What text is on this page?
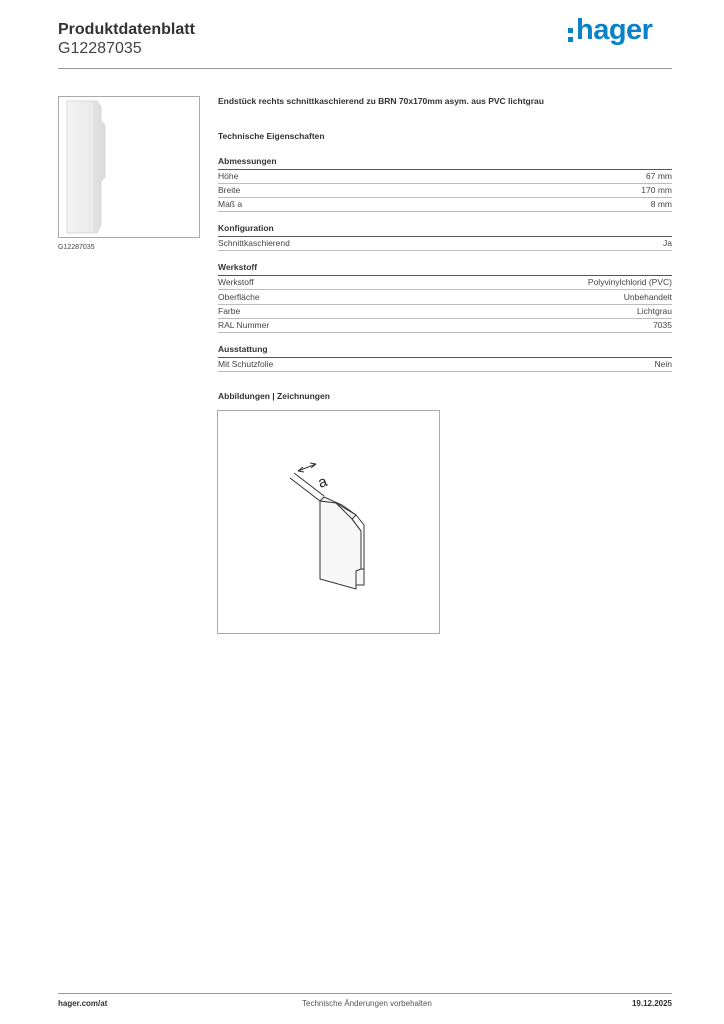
Produktdatenblatt
G12287035
hager
G12287035
Endstück rechts schnittkaschierend zu BRN 70x170mm asym. aus PVC lichtgrau
Technische Eigenschaften
Abmessungen
Höhe	67 mm
Breite	170 mm
Maß a	8 mm
Konfiguration
Schnittkaschierend	Ja
Werkstoff
Werkstoff	Polyvinylchlorid (PVC)
Oberfläche	Unbehandelt
Farbe	Lichtgrau
RAL Nummer	7035
Ausstattung
Mit Schutzfolie	Nein
Abbildungen | Zeichnungen
a
hager.com/at	Technische Änderungen vorbehalten	19.12.2025
